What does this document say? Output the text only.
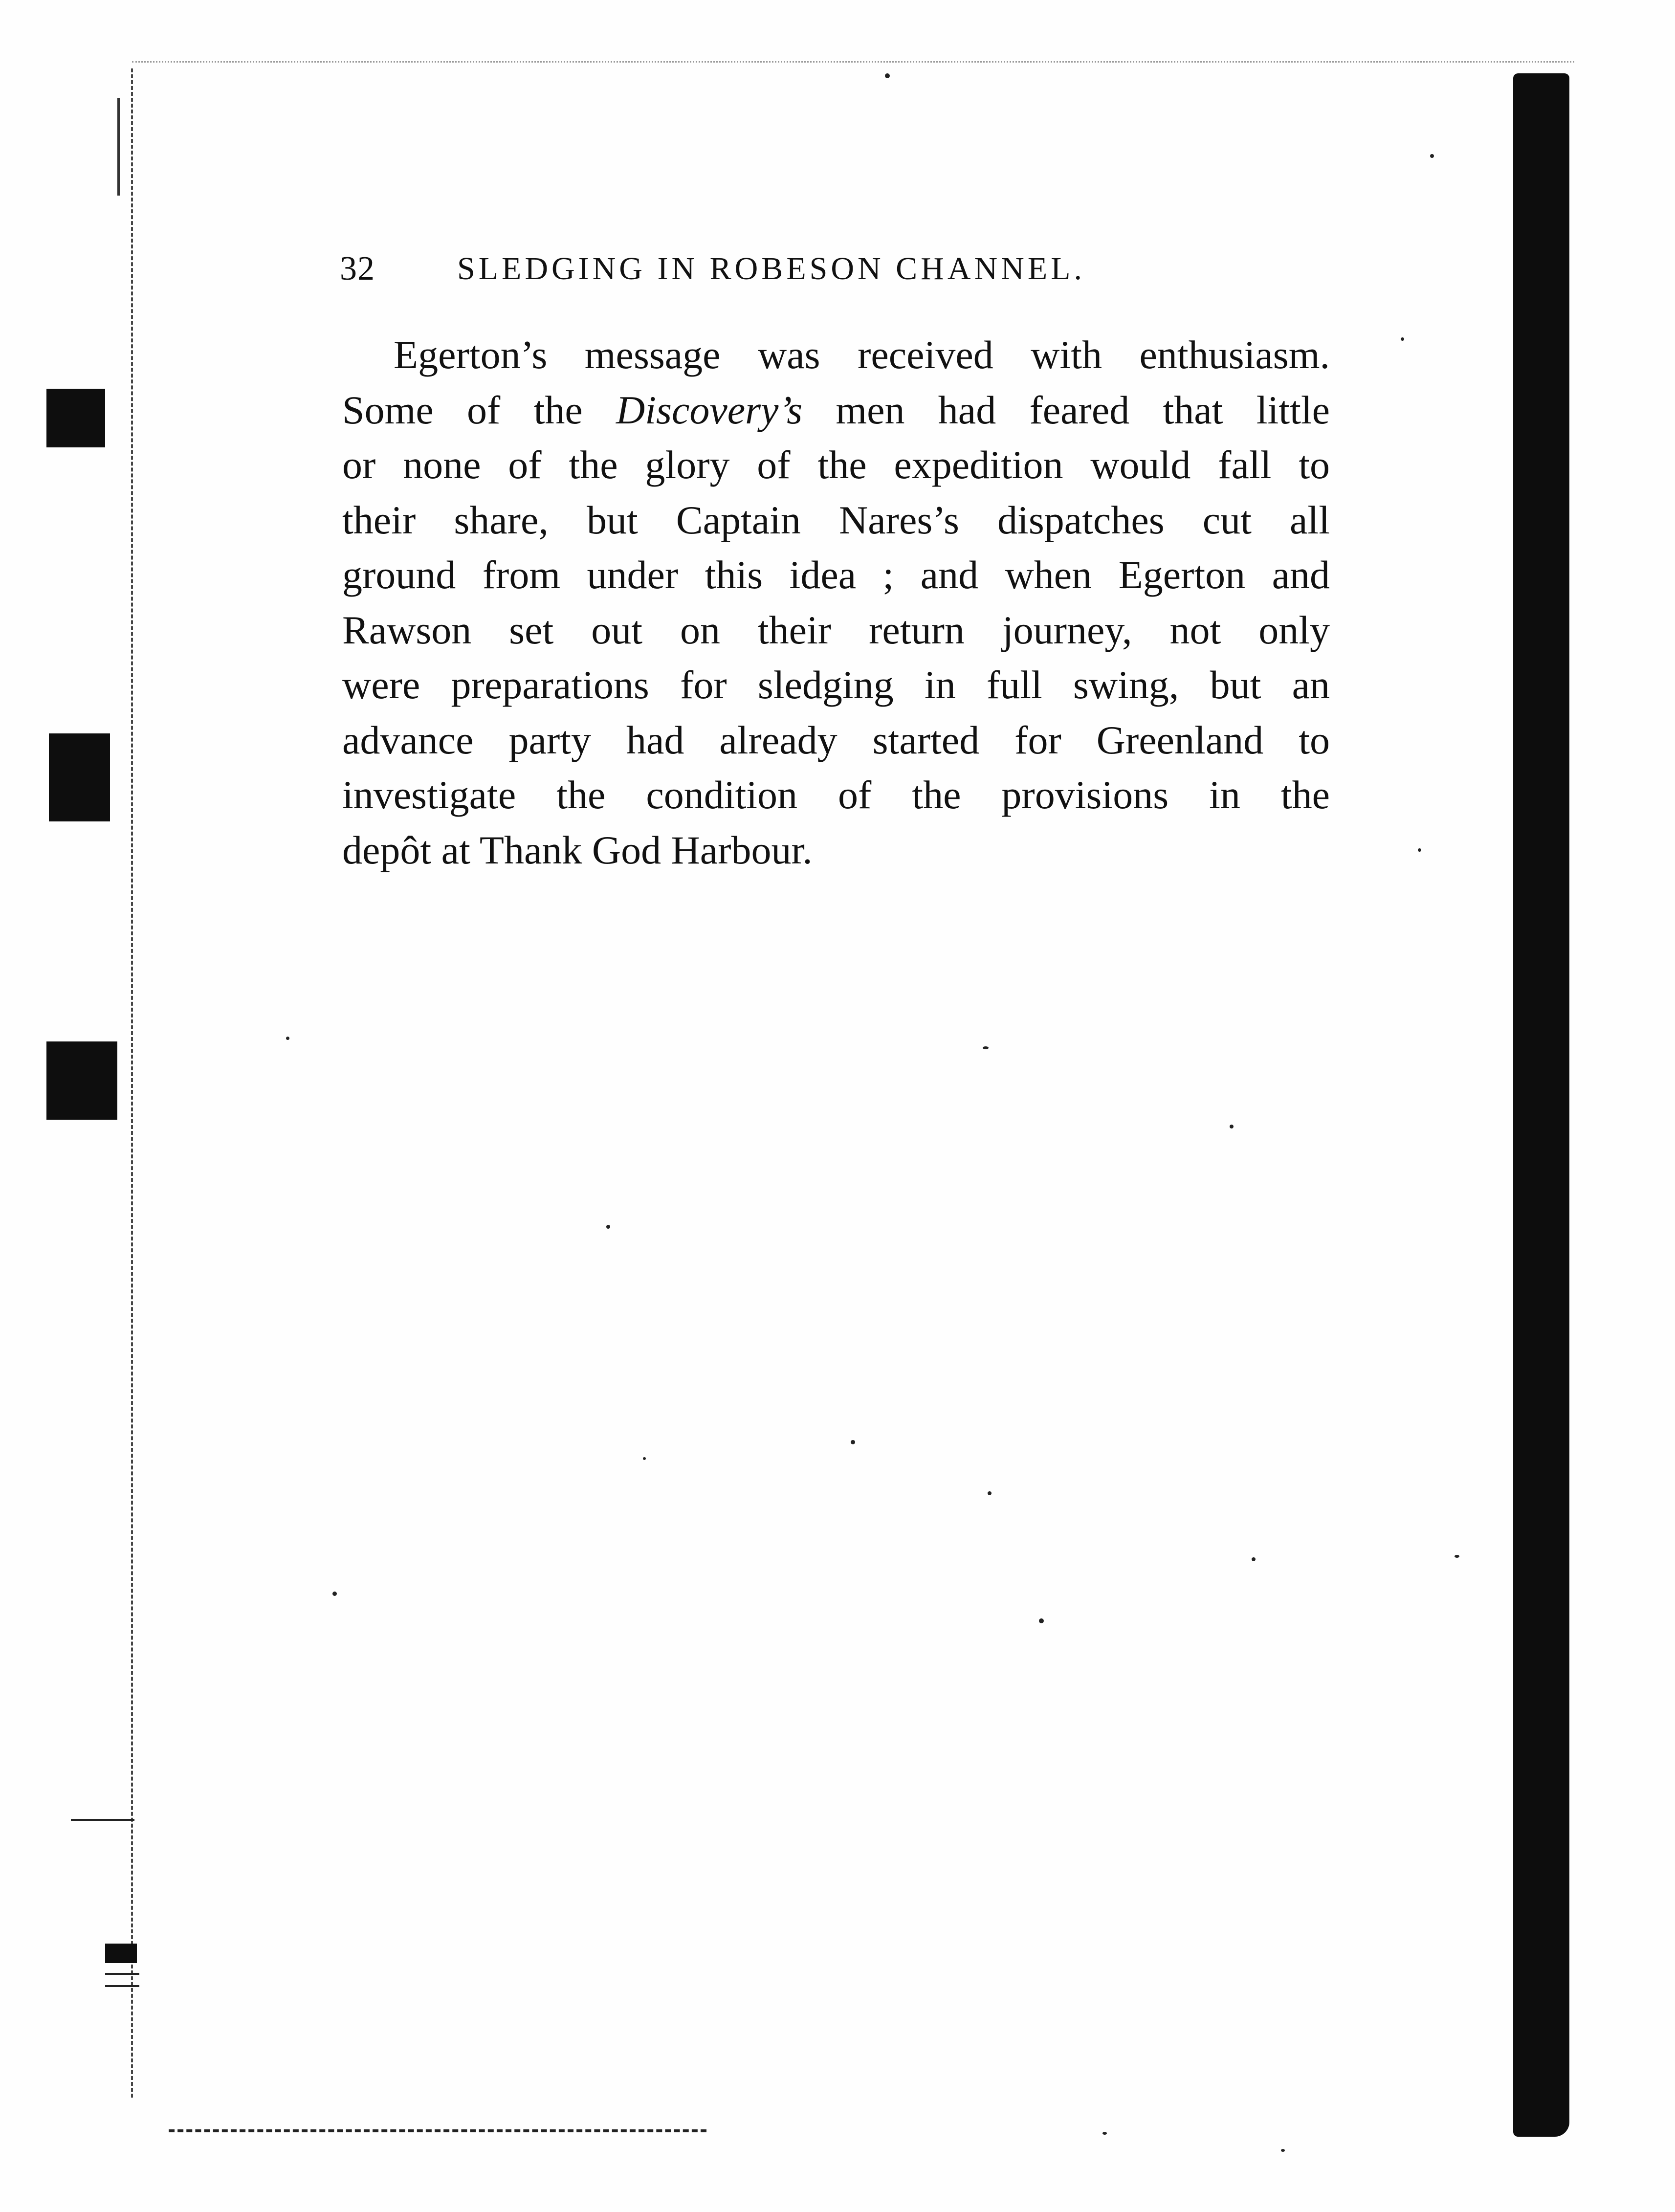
32	SLEDGING IN ROBESON CHANNEL.
Egerton’s message was received with enthusiasm.
Some of the Discovery’s men had feared that little
or none of the glory of the expedition would fall to
their share, but Captain Nares’s dispatches cut all
ground from under this idea ; and when Egerton and
Rawson set out on their return journey, not only
were preparations for sledging in full swing, but an
advance party had already started for Greenland to
investigate the condition of the provisions in the
depôt at Thank God Harbour.
